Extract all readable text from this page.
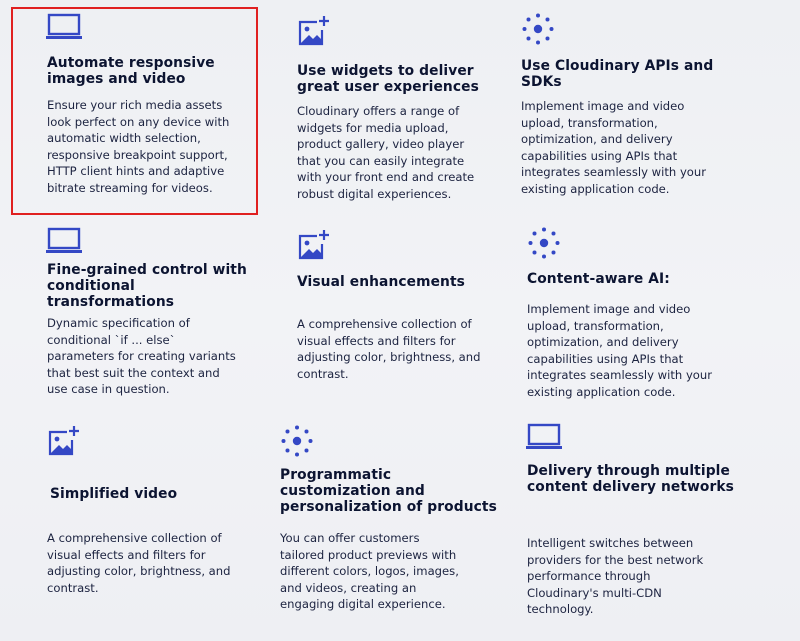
Automate responsive
images and video

Ensure your rich media assets
look perfect on any device with
automatic width selection,
responsive breakpoint support,
HTTP client hints and adaptive
bitrate streaming for videos.

Use widgets to deliver
great user experiences

Cloudinary offers a range of
widgets for media upload,
product gallery, video player
that you can easily integrate
with your front end and create
robust digital experiences.

Use Cloudinary APIs and
SDKs

Implement image and video
upload, transformation,
optimization, and delivery
capabilities using APIs that
integrates seamlessly with your
existing application code.

Fine-grained control with
conditional
transformations

Dynamic specification of
conditional `if ... else`
parameters for creating variants
that best suit the context and
use case in question.

Visual enhancements

A comprehensive collection of
visual effects and filters for
adjusting color, brightness, and
contrast.

Content-aware AI:

Implement image and video
upload, transformation,
optimization, and delivery
capabilities using APIs that
integrates seamlessly with your
existing application code.

Simplified video

A comprehensive collection of
visual effects and filters for
adjusting color, brightness, and
contrast.

Programmatic
customization and
personalization of products

You can offer customers
tailored product previews with
different colors, logos, images,
and videos, creating an
engaging digital experience.

Delivery through multiple
content delivery networks

Intelligent switches between
providers for the best network
performance through
Cloudinary's multi-CDN
technology.
